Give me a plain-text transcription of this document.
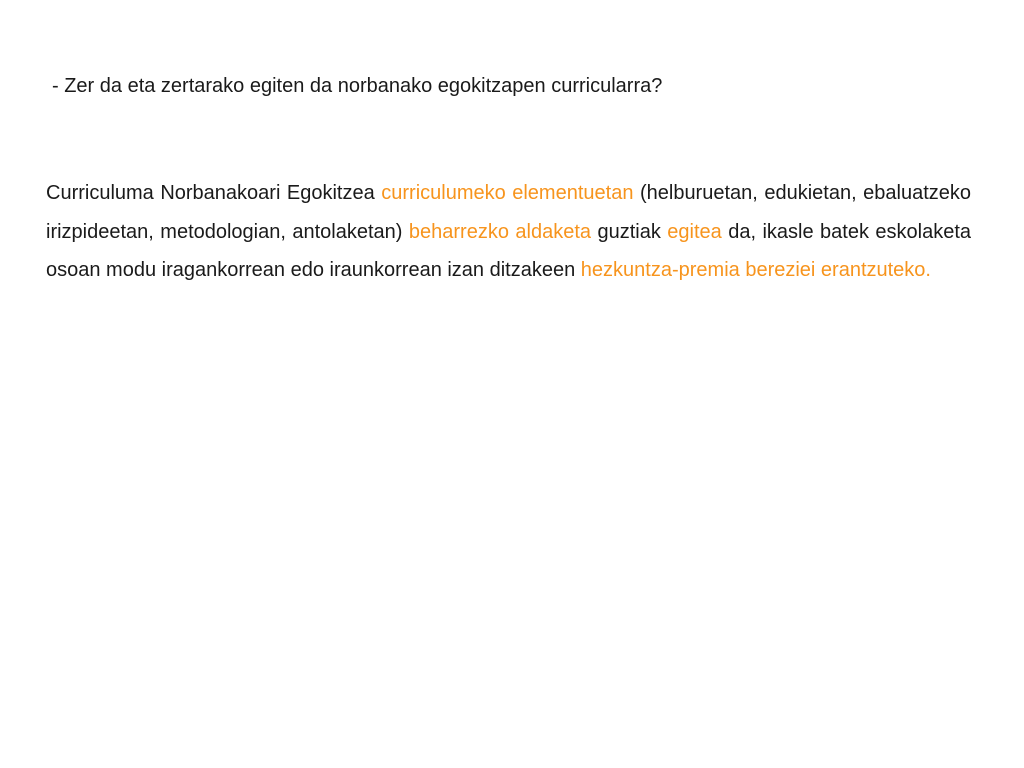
- Zer da eta zertarako egiten da norbanako egokitzapen curricularra?

Curriculuma Norbanakoari Egokitzea curriculumeko elementuetan (helburuetan, edukietan, ebaluatzeko irizpideetan, metodologian, antolaketan) beharrezko aldaketa guztiak egitea da, ikasle batek eskolaketa osoan modu iragankorrean edo iraunkorrean izan ditzakeen hezkuntza-premia bereziei erantzuteko.
